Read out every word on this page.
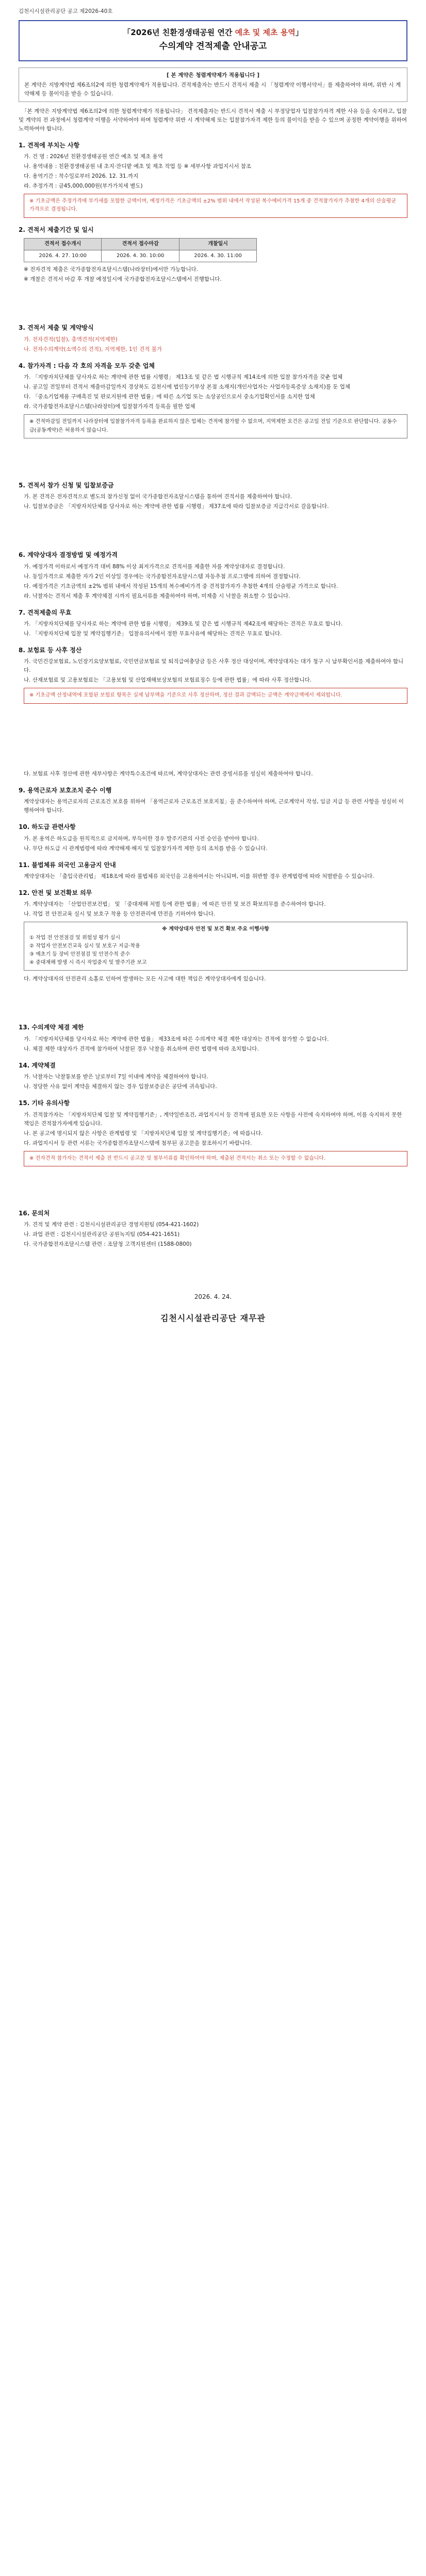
김천시시설관리공단 공고 제2026-40호
「2026년 친환경생태공원 연간 예초 및 제초 용역」
수의계약 견적제출 안내공고
[ 본 계약은 청렴계약제가 적용됩니다 ]

본 계약은 지방계약법 제6조의2에 의한 청렴계약제가 적용됩니다. 견적제출자는 반드시 견적서 제출 시 「청렴계약 이행서약서」를 제출하여야 하며, 위반 시 계약해제 등 불이익을 받을 수 있습니다.

「본 계약은 지방계약법 제6조의2에 의한 청렴계약제가 적용됩니다」 견적제출자는 반드시 견적서 제출 시 부정당업자 입찰참가자격 제한 사유 등을 숙지하고, 입찰 및 계약의 전 과정에서 청렴계약 이행을 서약하여야 하며 청렴계약 위반 시 계약해제 또는 입찰참가자격 제한 등의 불이익을 받을 수 있으며 공정한 계약이행을 위하여 노력하여야 합니다.

1. 견적에 부치는 사항
가. 건 명 : 2026년 친환경생태공원 연간 예초 및 제초 용역
나. 용역내용 : 친환경생태공원 내 초지·잔디밭 예초 및 제초 작업 등 ※ 세부사항 과업지시서 참조
다. 용역기간 : 착수일로부터 2026. 12. 31.까지
라. 추정가격 : 금45,000,000원(부가가치세 별도)
※ 기초금액은 추정가격에 부가세를 포함한 금액이며, 예정가격은 기초금액의 ±2% 범위 내에서 작성된 복수예비가격 15개 중 견적참가자가 추첨한 4개의 산술평균 가격으로 결정됩니다.
2. 견적서 제출기간 및 일시
견적서 접수개시	견적서 접수마감	개찰일시
2026. 4. 27. 10:00	2026. 4. 30. 10:00	2026. 4. 30. 11:00
※ 전자견적 제출은 국가종합전자조달시스템(나라장터)에서만 가능합니다.
※ 개찰은 견적서 마감 후 개찰 예정일시에 국가종합전자조달시스템에서 진행합니다.
3. 견적서 제출 및 계약방식
가. 전자견적(입찰), 총액견적(지역제한)
나. 전자수의계약(소액수의 견적), 지역제한, 1인 견적 불가
4. 참가자격 : 다음 각 호의 자격을 모두 갖춘 업체
가. 「지방자치단체를 당사자로 하는 계약에 관한 법률 시행령」 제13조 및 같은 법 시행규칙 제14조에 의한 입찰 참가자격을 갖춘 업체
나. 공고일 전일부터 견적서 제출마감일까지 경상북도 김천시에 법인등기부상 본점 소재지(개인사업자는 사업자등록증상 소재지)를 둔 업체
다. 「중소기업제품 구매촉진 및 판로지원에 관한 법률」에 따른 소기업 또는 소상공인으로서 중소기업확인서를 소지한 업체
라. 국가종합전자조달시스템(나라장터)에 입찰참가자격 등록을 필한 업체
※ 견적마감일 전일까지 나라장터에 입찰참가자격 등록을 완료하지 않은 업체는 견적에 참가할 수 없으며, 지역제한 요건은 공고일 전일 기준으로 판단합니다. 공동수급(공동계약)은 허용하지 않습니다.
5. 견적서 참가 신청 및 입찰보증금
가. 본 견적은 전자견적으로 별도의 참가신청 없이 국가종합전자조달시스템을 통하여 견적서를 제출하여야 합니다.
나. 입찰보증금은 「지방자치단체를 당사자로 하는 계약에 관한 법률 시행령」 제37조에 따라 입찰보증금 지급각서로 갈음합니다.
6. 계약상대자 결정방법 및 예정가격
가. 예정가격 이하로서 예정가격 대비 88% 이상 최저가격으로 견적서를 제출한 자를 계약상대자로 결정합니다.
나. 동일가격으로 제출한 자가 2인 이상일 경우에는 국가종합전자조달시스템 자동추첨 프로그램에 의하여 결정합니다.
다. 예정가격은 기초금액의 ±2% 범위 내에서 작성된 15개의 복수예비가격 중 견적참가자가 추첨한 4개의 산술평균 가격으로 합니다.
라. 낙찰자는 견적서 제출 후 계약체결 시까지 필요서류를 제출하여야 하며, 미제출 시 낙찰을 취소할 수 있습니다.
7. 견적제출의 무효
가. 「지방자치단체를 당사자로 하는 계약에 관한 법률 시행령」 제39조 및 같은 법 시행규칙 제42조에 해당하는 견적은 무효로 합니다.
나. 「지방자치단체 입찰 및 계약집행기준」 입찰유의서에서 정한 무효사유에 해당하는 견적은 무효로 합니다.
8. 보험료 등 사후 정산
가. 국민건강보험료, 노인장기요양보험료, 국민연금보험료 및 퇴직급여충당금 등은 사후 정산 대상이며, 계약상대자는 대가 청구 시 납부확인서를 제출하여야 합니다.
나. 산재보험료 및 고용보험료는 「고용보험 및 산업재해보상보험의 보험료징수 등에 관한 법률」에 따라 사후 정산합니다.
※ 기초금액 산정내역에 포함된 보험료 항목은 실제 납부액을 기준으로 사후 정산하며, 정산 결과 감액되는 금액은 계약금액에서 제외합니다.
다. 보험료 사후 정산에 관한 세부사항은 계약특수조건에 따르며, 계약상대자는 관련 증빙서류를 성실히 제출하여야 합니다.
9. 용역근로자 보호조치 준수 이행
계약상대자는 용역근로자의 근로조건 보호를 위하여 「용역근로자 근로조건 보호지침」을 준수하여야 하며, 근로계약서 작성, 임금 지급 등 관련 사항을 성실히 이행하여야 합니다.
10. 하도급 관련사항
가. 본 용역은 하도급을 원칙적으로 금지하며, 부득이한 경우 발주기관의 사전 승인을 받아야 합니다.
나. 무단 하도급 시 관계법령에 따라 계약해제·해지 및 입찰참가자격 제한 등의 조치를 받을 수 있습니다.
11. 불법체류 외국인 고용금지 안내
계약상대자는 「출입국관리법」 제18조에 따라 불법체류 외국인을 고용하여서는 아니되며, 이를 위반할 경우 관계법령에 따라 처벌받을 수 있습니다.
12. 안전 및 보건확보 의무
가. 계약상대자는 「산업안전보건법」 및 「중대재해 처벌 등에 관한 법률」에 따른 안전 및 보건 확보의무를 준수하여야 합니다.
나. 작업 전 안전교육 실시 및 보호구 착용 등 안전관리에 만전을 기하여야 합니다.
※ 계약상대자 안전 및 보건 확보 주요 이행사항
① 작업 전 안전점검 및 위험성 평가 실시
② 작업자 안전보건교육 실시 및 보호구 지급·착용
③ 예초기 등 장비 안전점검 및 안전수칙 준수
④ 중대재해 발생 시 즉시 작업중지 및 발주기관 보고
다. 계약상대자의 안전관리 소홀로 인하여 발생하는 모든 사고에 대한 책임은 계약상대자에게 있습니다.
13. 수의계약 체결 제한
가. 「지방자치단체를 당사자로 하는 계약에 관한 법률」 제33조에 따른 수의계약 체결 제한 대상자는 견적에 참가할 수 없습니다.
나. 체결 제한 대상자가 견적에 참가하여 낙찰된 경우 낙찰을 취소하며 관련 법령에 따라 조치합니다.
14. 계약체결
가. 낙찰자는 낙찰통보를 받은 날로부터 7일 이내에 계약을 체결하여야 합니다.
나. 정당한 사유 없이 계약을 체결하지 않는 경우 입찰보증금은 공단에 귀속됩니다.
15. 기타 유의사항
가. 견적참가자는 「지방자치단체 입찰 및 계약집행기준」, 계약일반조건, 과업지시서 등 견적에 필요한 모든 사항을 사전에 숙지하여야 하며, 이를 숙지하지 못한 책임은 견적참가자에게 있습니다.
나. 본 공고에 명시되지 않은 사항은 관계법령 및 「지방자치단체 입찰 및 계약집행기준」에 따릅니다.
다. 과업지시서 등 관련 서류는 국가종합전자조달시스템에 첨부된 공고문을 참조하시기 바랍니다.
※ 전자견적 참가자는 견적서 제출 전 반드시 공고문 및 첨부서류를 확인하여야 하며, 제출된 견적서는 취소 또는 수정할 수 없습니다.
16. 문의처
가. 견적 및 계약 관련 : 김천시시설관리공단 경영지원팀 (054-421-1602)
나. 과업 관련 : 김천시시설관리공단 공원녹지팀 (054-421-1651)
다. 국가종합전자조달시스템 관련 : 조달청 고객지원센터 (1588-0800)
2026. 4. 24.
김천시시설관리공단 재무관
